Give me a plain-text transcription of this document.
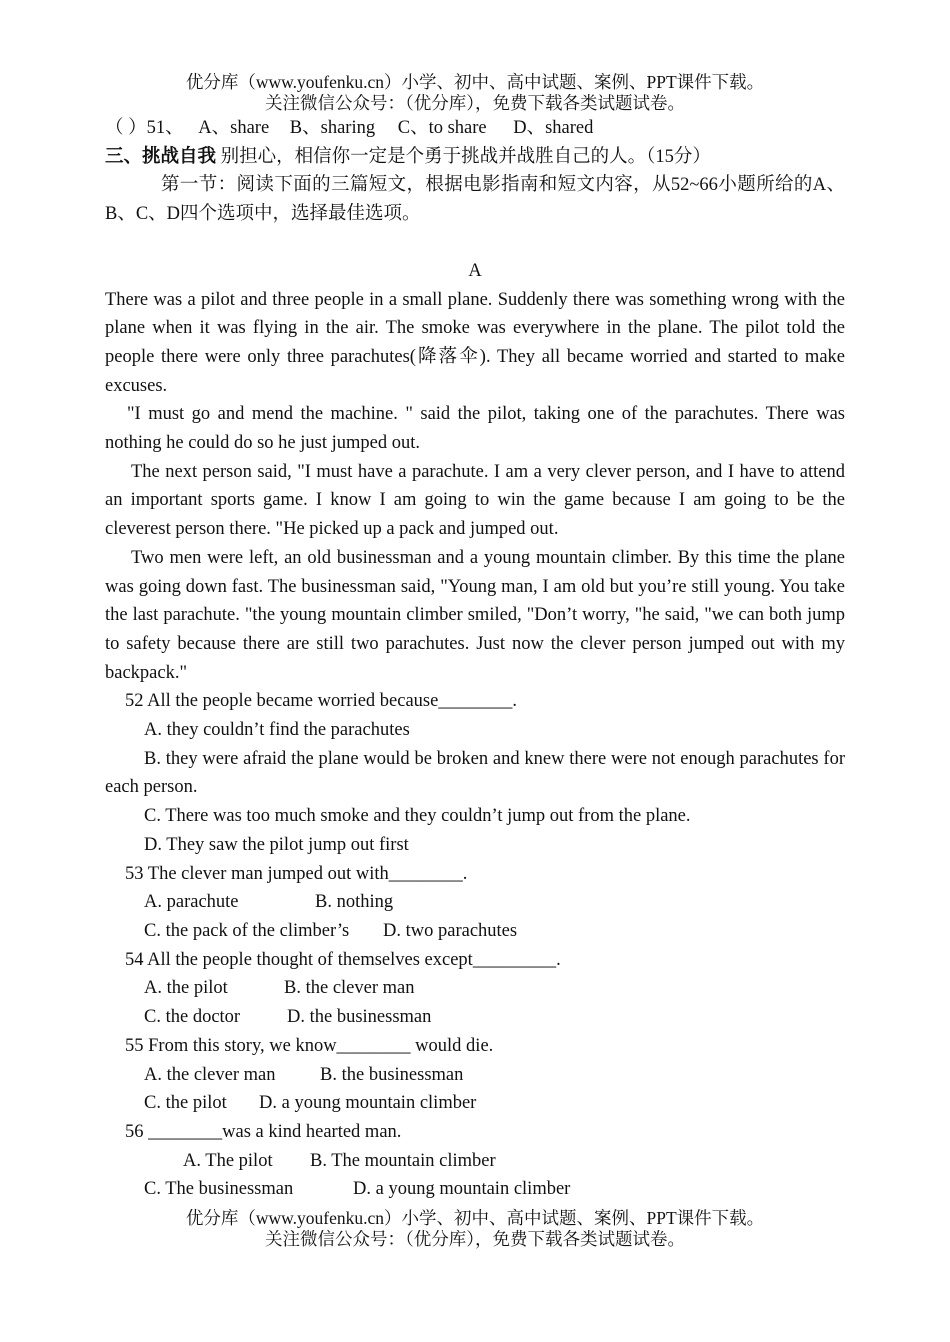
优分库（www.youfenku.cn）小学、初中、高中试题、案例、PPT课件下载。
关注微信公众号：（优分库），免费下载各类试题试卷。
（ ）51、 A、share B、sharing C、to share D、shared
三、挑战自我 别担心，相信你一定是个勇于挑战并战胜自己的人。（15分）
第一节：阅读下面的三篇短文，根据电影指南和短文内容，从52~66小题所给的A、B、C、D四个选项中，选择最佳选项。
A
There was a pilot and three people in a small plane. Suddenly there was something wrong with the plane when it was flying in the air. The smoke was everywhere in the plane. The pilot told the people there were only three parachutes(降落伞). They all became worried and started to make excuses.
"I must go and mend the machine. " said the pilot, taking one of the parachutes. There was nothing he could do so he just jumped out.
The next person said, "I must have a parachute. I am a very clever person, and I have to attend an important sports game. I know I am going to win the game because I am going to be the cleverest person there. "He picked up a pack and jumped out.
Two men were left, an old businessman and a young mountain climber. By this time the plane was going down fast. The businessman said, "Young man, I am old but you’re still young. You take the last parachute. "the young mountain climber smiled, "Don’t worry, "he said, "we can both jump to safety because there are still two parachutes. Just now the clever person jumped out with my backpack."
52 All the people became worried because________.
A. they couldn’t find the parachutes
B. they were afraid the plane would be broken and knew there were not enough parachutes for each person.
C. There was too much smoke and they couldn’t jump out from the plane.
D. They saw the pilot jump out first
53 The clever man jumped out with________.
A. parachute	B. nothing
C. the pack of the climber’s D. two parachutes
54 All the people thought of themselves except_________.
A. the pilot	B. the clever man
C. the doctor	D. the businessman
55 From this story, we know________ would die.
A. the clever man B. the businessman
C. the pilot D. a young mountain climber
56 ________was a kind hearted man.
A. The pilot B. The mountain climber
C. The businessman	D. a young mountain climber
优分库（www.youfenku.cn）小学、初中、高中试题、案例、PPT课件下载。
关注微信公众号：（优分库），免费下载各类试题试卷。
